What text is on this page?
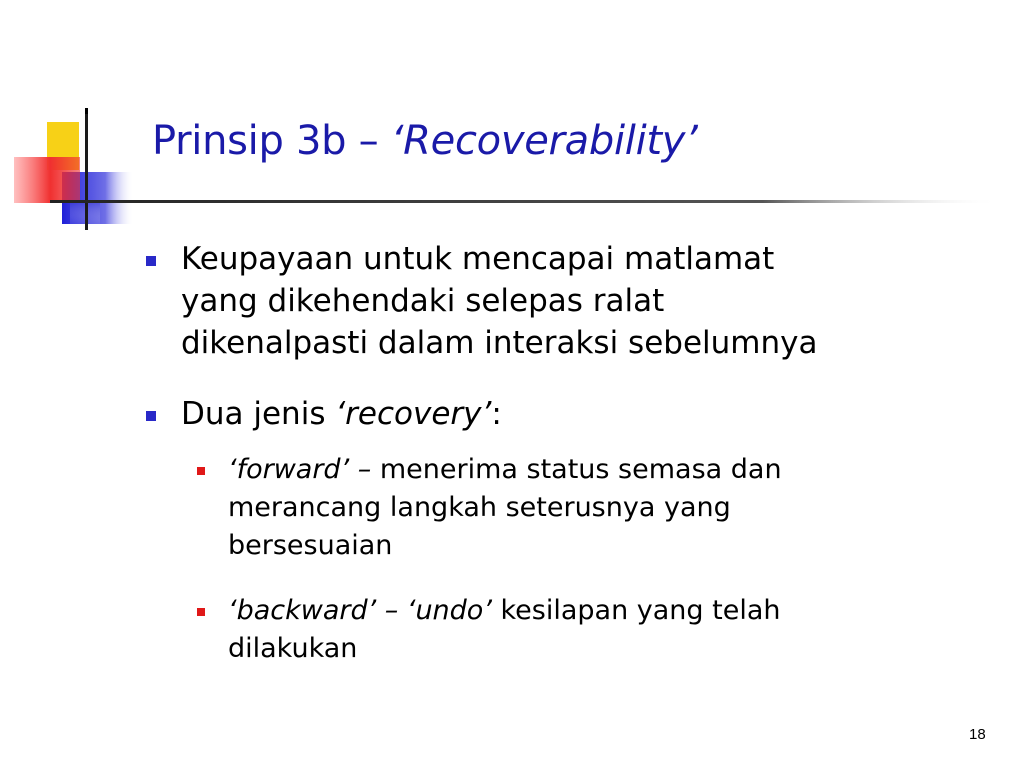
Prinsip 3b – ‘Recoverability’
Keupayaan untuk mencapai matlamat
yang dikehendaki selepas ralat
dikenalpasti dalam interaksi sebelumnya
Dua jenis ‘recovery’:
‘forward’ – menerima status semasa dan
merancang langkah seterusnya yang
bersesuaian
‘backward’ – ‘undo’ kesilapan yang telah
dilakukan
18
